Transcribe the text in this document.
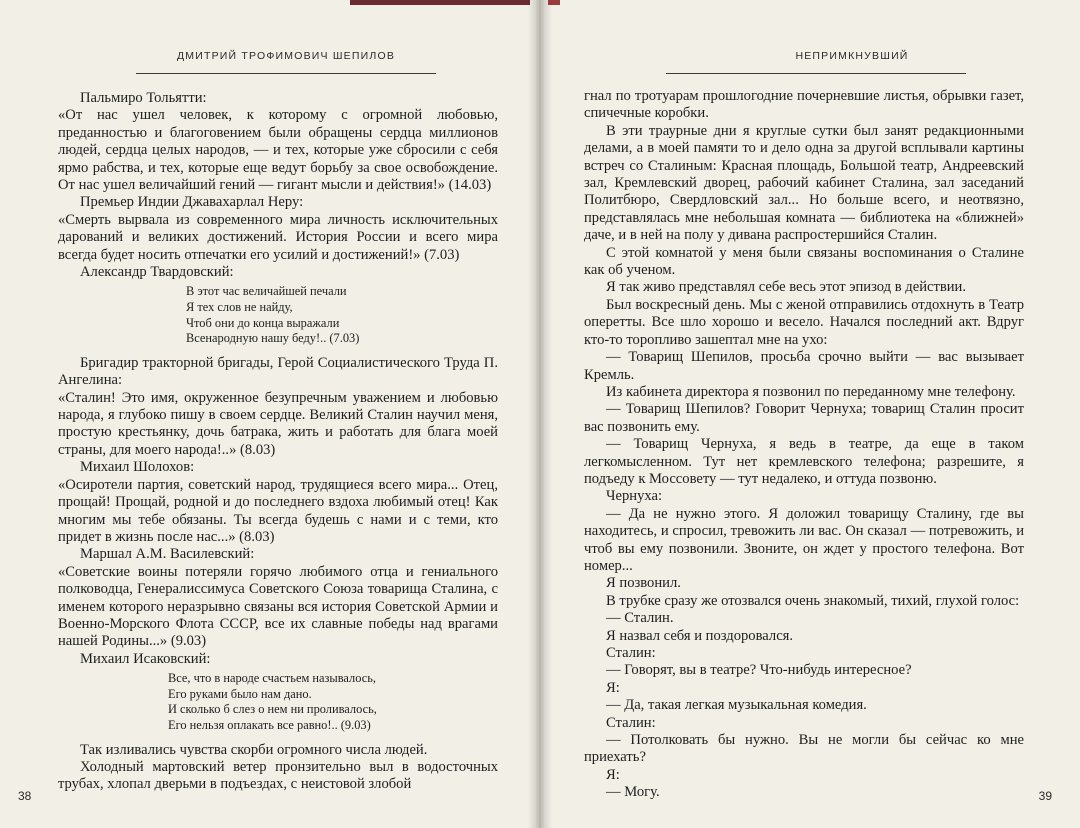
ДМИТРИЙ ТРОФИМОВИЧ ШЕПИЛОВ

Пальмиро Тольятти:

«От нас ушел человек, к которому с огромной любовью, преданностью и благоговением были обращены сердца миллионов людей, сердца целых народов, — и тех, которые уже сбросили с себя ярмо рабства, и тех, которые еще ведут борьбу за свое освобождение. От нас ушел величайший гений — гигант мысли и действия!» (14.03)

Премьер Индии Джавахарлал Неру:

«Смерть вырвала из современного мира личность исключительных дарований и великих достижений. История России и всего мира всегда будет носить отпечатки его усилий и достижений!» (7.03)

Александр Твардовский:

В этот час величайшей печали
Я тех слов не найду,
Чтоб они до конца выражали
Всенародную нашу беду!.. (7.03)

Бригадир тракторной бригады, Герой Социалистического Труда П. Ангелина:

«Сталин! Это имя, окруженное безупречным уважением и любовью народа, я глубоко пишу в своем сердце. Великий Сталин научил меня, простую крестьянку, дочь батрака, жить и работать для блага моей страны, для моего народа!..» (8.03)

Михаил Шолохов:

«Осиротели партия, советский народ, трудящиеся всего мира... Отец, прощай! Прощай, родной и до последнего вздоха любимый отец! Как многим мы тебе обязаны. Ты всегда будешь с нами и с теми, кто придет в жизнь после нас...» (8.03)

Маршал А.М. Василевский:

«Советские воины потеряли горячо любимого отца и гениального полководца, Генералиссимуса Советского Союза товарища Сталина, с именем которого неразрывно связаны вся история Советской Армии и Военно-Морского Флота СССР, все их славные победы над врагами нашей Родины...» (9.03)

Михаил Исаковский:

Все, что в народе счастьем называлось,
Его руками было нам дано.
И сколько б слез о нем ни проливалось,
Его нельзя оплакать все равно!.. (9.03)

Так изливались чувства скорби огромного числа людей.

Холодный мартовский ветер пронзительно выл в водосточных трубах, хлопал дверьми в подъездах, с неистовой злобой

38
НЕПРИМКНУВШИЙ

гнал по тротуарам прошлогодние почерневшие листья, обрывки газет, спичечные коробки.

В эти траурные дни я круглые сутки был занят редакционными делами, а в моей памяти то и дело одна за другой всплывали картины встреч со Сталиным: Красная площадь, Большой театр, Андреевский зал, Кремлевский дворец, рабочий кабинет Сталина, зал заседаний Политбюро, Свердловский зал... Но больше всего, и неотвязно, представлялась мне небольшая комната — библиотека на «ближней» даче, и в ней на полу у дивана распростершийся Сталин.

С этой комнатой у меня были связаны воспоминания о Сталине как об ученом.

Я так живо представлял себе весь этот эпизод в действии.

Был воскресный день. Мы с женой отправились отдохнуть в Театр оперетты. Все шло хорошо и весело. Начался последний акт. Вдруг кто-то торопливо зашептал мне на ухо:

— Товарищ Шепилов, просьба срочно выйти — вас вызывает Кремль.

Из кабинета директора я позвонил по переданному мне телефону.

— Товарищ Шепилов? Говорит Чернуха; товарищ Сталин просит вас позвонить ему.

— Товарищ Чернуха, я ведь в театре, да еще в таком легкомысленном. Тут нет кремлевского телефона; разрешите, я подъеду к Моссовету — тут недалеко, и оттуда позвоню.

Чернуха:

— Да не нужно этого. Я доложил товарищу Сталину, где вы находитесь, и спросил, тревожить ли вас. Он сказал — потревожить, и чтоб вы ему позвонили. Звоните, он ждет у простого телефона. Вот номер...

Я позвонил.

В трубке сразу же отозвался очень знакомый, тихий, глухой голос:

— Сталин.

Я назвал себя и поздоровался.

Сталин:

— Говорят, вы в театре? Что-нибудь интересное?

Я:

— Да, такая легкая музыкальная комедия.

Сталин:

— Потолковать бы нужно. Вы не могли бы сейчас ко мне приехать?

Я:

— Могу.	39
